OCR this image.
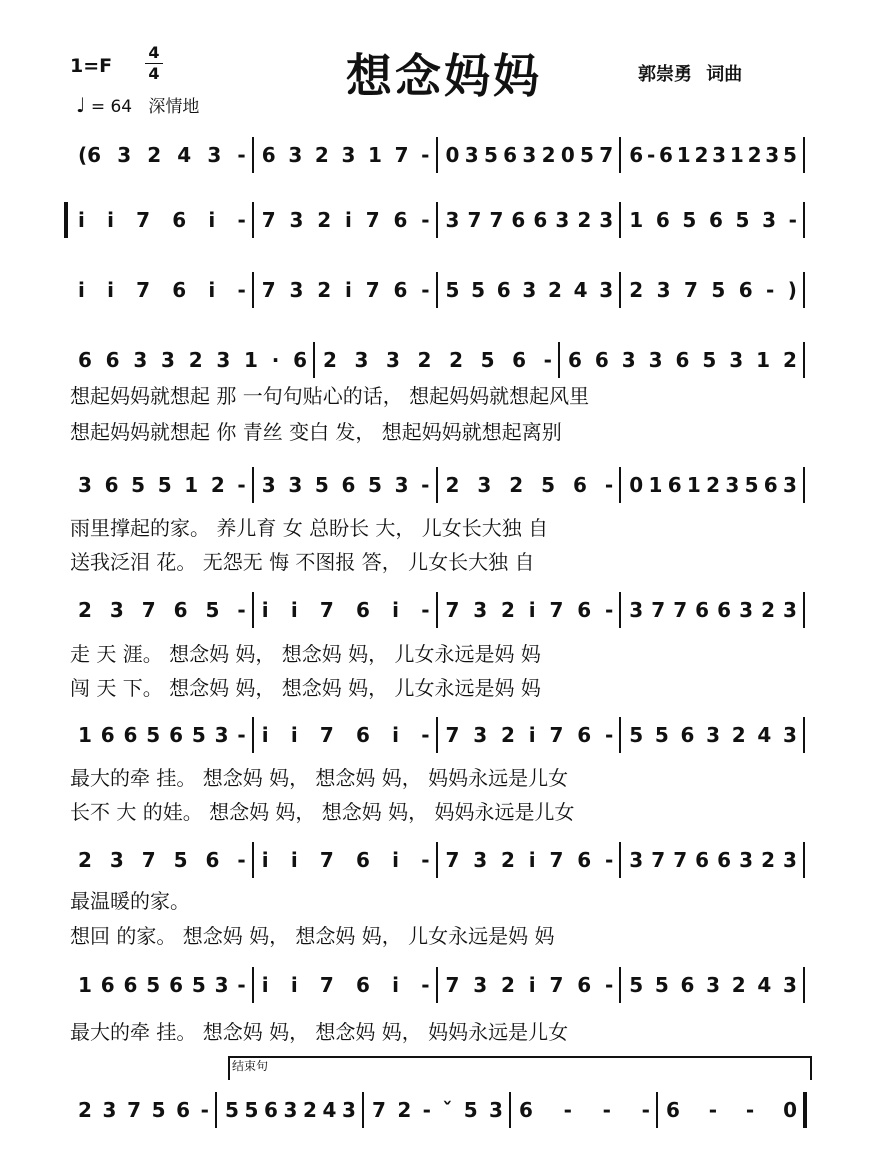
1=F
4
4
♩ = 64 深情地
想念妈妈	郭崇勇 词曲
(6 3 2 4 3 - 6 3 2 3 1 7 - 0 3 5 6 3 2 0 5 7 6 - 6 1 2 3 1 2 3 5
i i 7 6 i - 7 3 2 i 7 6 - 3 7 7 6 6 3 2 3 1 6 5 6 5 3 -
i i 7 6 i - 7 3 2 i 7 6 - 5 5 6 3 2 4 3 2 3 7 5 6 - )
6 6 3 3 2 3 1 · 6 2 3 3 2 2 5 6 - 6 6 3 3 6 5 3 1 2
3 6 5 5 1 2 - 3 3 5 6 5 3 - 2 3 2 5 6 - 0 1 6 1 2 3 5 6 3
2 3 7 6 5 - i i 7 6 i - 7 3 2 i 7 6 - 3 7 7 6 6 3 2 3
1 6 6 5 6 5 3 - i i 7 6 i - 7 3 2 i 7 6 - 5 5 6 3 2 4 3
2 3 7 5 6 - i i 7 6 i - 7 3 2 i 7 6 - 3 7 7 6 6 3 2 3
1 6 6 5 6 5 3 - i i 7 6 i - 7 3 2 i 7 6 - 5 5 6 3 2 4 3
2 3 7 5 6 - 5 5 6 3 2 4 3 7 2 - ˇ 5 3 6 - - - 6 - - 0
想起妈妈就想起 那 一句句贴心的话， 想起妈妈就想起风里
想起妈妈就想起 你 青丝 变白 发， 想起妈妈就想起离别
雨里撑起的家。 养儿育 女 总盼长 大， 儿女长大独 自
送我泛泪 花。 无怨无 悔 不图报 答， 儿女长大独 自
走 天 涯。 想念妈 妈， 想念妈 妈， 儿女永远是妈 妈
闯 天 下。 想念妈 妈， 想念妈 妈， 儿女永远是妈 妈
最大的牵 挂。 想念妈 妈， 想念妈 妈， 妈妈永远是儿女
长不 大 的娃。 想念妈 妈， 想念妈 妈， 妈妈永远是儿女
最温暖的家。
想回 的家。 想念妈 妈， 想念妈 妈， 儿女永远是妈 妈
最大的牵 挂。 想念妈 妈， 想念妈 妈， 妈妈永远是儿女
结束句
